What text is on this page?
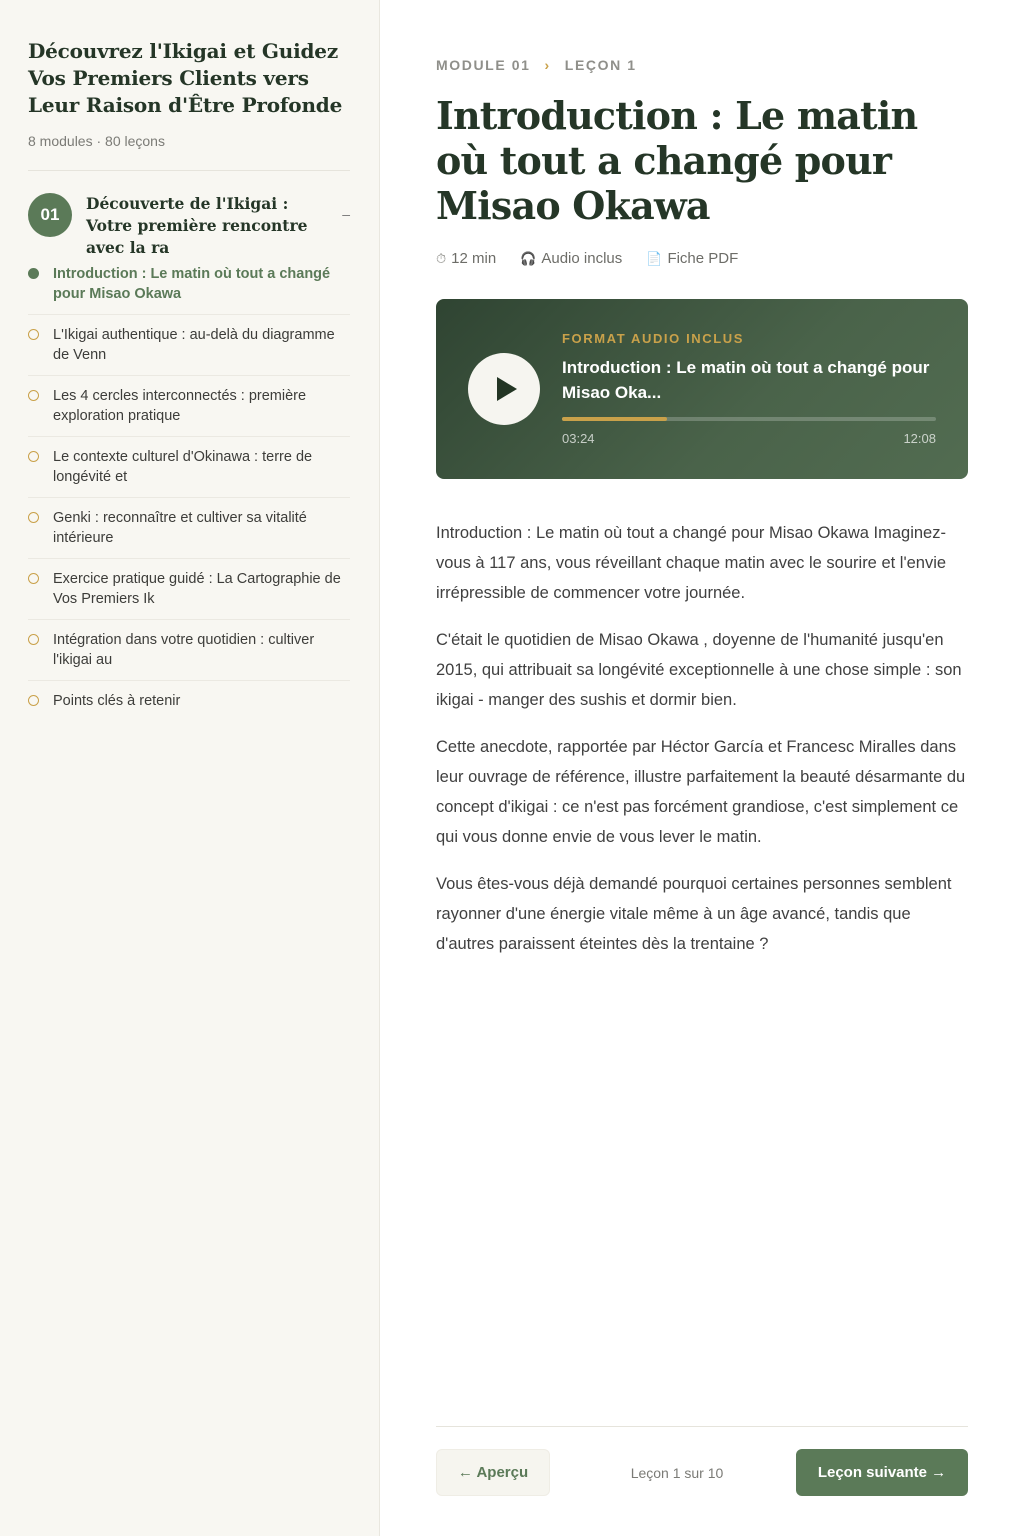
Découvrez l'Ikigai et Guidez Vos Premiers Clients vers Leur Raison d'Être Profonde
8 modules · 80 leçons
01
Découverte de l'Ikigai : Votre première rencontre avec la ra
–
Introduction : Le matin où tout a changé pour Misao Okawa
L'Ikigai authentique : au-delà du diagramme de Venn
Les 4 cercles interconnectés : première exploration pratique
Le contexte culturel d'Okinawa : terre de longévité et
Genki : reconnaître et cultiver sa vitalité intérieure
Exercice pratique guidé : La Cartographie de Vos Premiers Ik
Intégration dans votre quotidien : cultiver l'ikigai au
Points clés à retenir
MODULE 01 › LEÇON 1
Introduction : Le matin où tout a changé pour Misao Okawa
⏱ 12 min 🎧 Audio inclus 📄 Fiche PDF
FORMAT AUDIO INCLUS
Introduction : Le matin où tout a changé pour Misao Oka...
03:24	12:08

Introduction : Le matin où tout a changé pour Misao Okawa Imaginez-vous à 117 ans, vous réveillant chaque matin avec le sourire et l'envie irrépressible de commencer votre journée.

C'était le quotidien de Misao Okawa , doyenne de l'humanité jusqu'en 2015, qui attribuait sa longévité exceptionnelle à une chose simple : son ikigai - manger des sushis et dormir bien.

Cette anecdote, rapportée par Héctor García et Francesc Miralles dans leur ouvrage de référence, illustre parfaitement la beauté désarmante du concept d'ikigai : ce n'est pas forcément grandiose, c'est simplement ce qui vous donne envie de vous lever le matin.

Vous êtes-vous déjà demandé pourquoi certaines personnes semblent rayonner d'une énergie vitale même à un âge avancé, tandis que d'autres paraissent éteintes dès la trentaine ?

← Aperçu	Leçon 1 sur 10	Leçon suivante →
